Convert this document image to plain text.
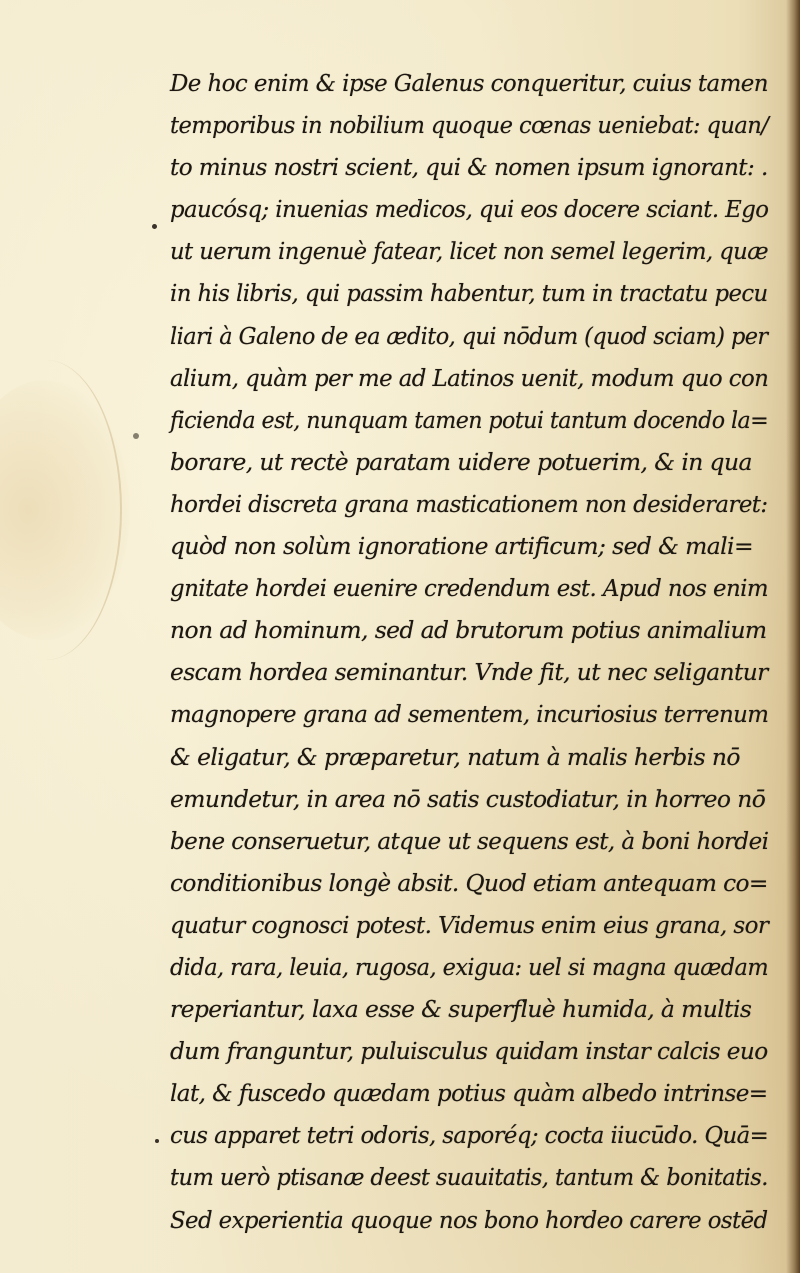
De hoc enim & ipse Galenus conqueritur, cuius tamen
temporibus in nobilium quoque cœnas ueniebat: quan/
to minus nostri scient, qui & nomen ipsum ignorant: .
paucósq; inuenias medicos, qui eos docere sciant. Ego
ut uerum ingenuè fatear, licet non semel legerim, quæ
in his libris, qui passim habentur, tum in tractatu pecu
liari à Galeno de ea ædito, qui nōdum (quod sciam) per
alium, quàm per me ad Latinos uenit, modum quo con
ficienda est, nunquam tamen potui tantum docendo la=
borare, ut rectè paratam uidere potuerim, & in qua
hordei discreta grana masticationem non desideraret:
quòd non solùm ignoratione artificum; sed & mali=
gnitate hordei euenire credendum est. Apud nos enim
non ad hominum, sed ad brutorum potius animalium
escam hordea seminantur. Vnde fit, ut nec seligantur
magnopere grana ad sementem, incuriosius terrenum
& eligatur, & præparetur, natum à malis herbis nō
emundetur, in area nō satis custodiatur, in horreo nō
bene conseruetur, atque ut sequens est, à boni hordei
conditionibus longè absit. Quod etiam antequam co=
quatur cognosci potest. Videmus enim eius grana, sor
dida, rara, leuia, rugosa, exigua: uel si magna quædam
reperiantur, laxa esse & superfluè humida, à multis
dum franguntur, puluisculus quidam instar calcis euo
lat, & fuscedo quædam potius quàm albedo intrinse=
cus apparet tetri odoris, saporéq; cocta iiucūdo. Quā=
tum uerò ptisanæ deest suauitatis, tantum & bonitatis.
Sed experientia quoque nos bono hordeo carere ostēd
